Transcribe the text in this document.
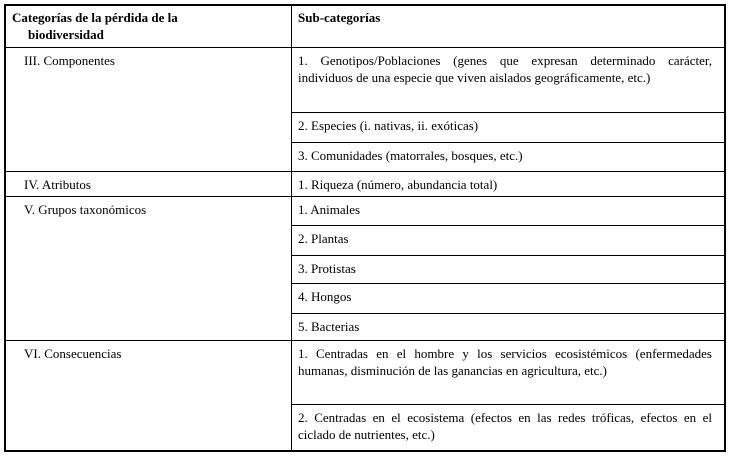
Categorías de la pérdida de la
biodiversidad	Sub-categorías

III. Componentes	1. Genotipos/Poblaciones (genes que expresan determinado carácter, individuos de una especie que viven aislados geográficamente, etc.)

	2. Especies (i. nativas, ii. exóticas)

	3. Comunidades (matorrales, bosques, etc.)

IV. Atributos	1. Riqueza (número, abundancia total)

V. Grupos taxonómicos	1. Animales

	2. Plantas

	3. Protistas

	4. Hongos

	5. Bacterias

VI. Consecuencias	1. Centradas en el hombre y los servicios ecosistémicos (enfermedades humanas, disminución de las ganancias en agricultura, etc.)

	2. Centradas en el ecosistema (efectos en las redes tróficas, efectos en el ciclado de nutrientes, etc.)
